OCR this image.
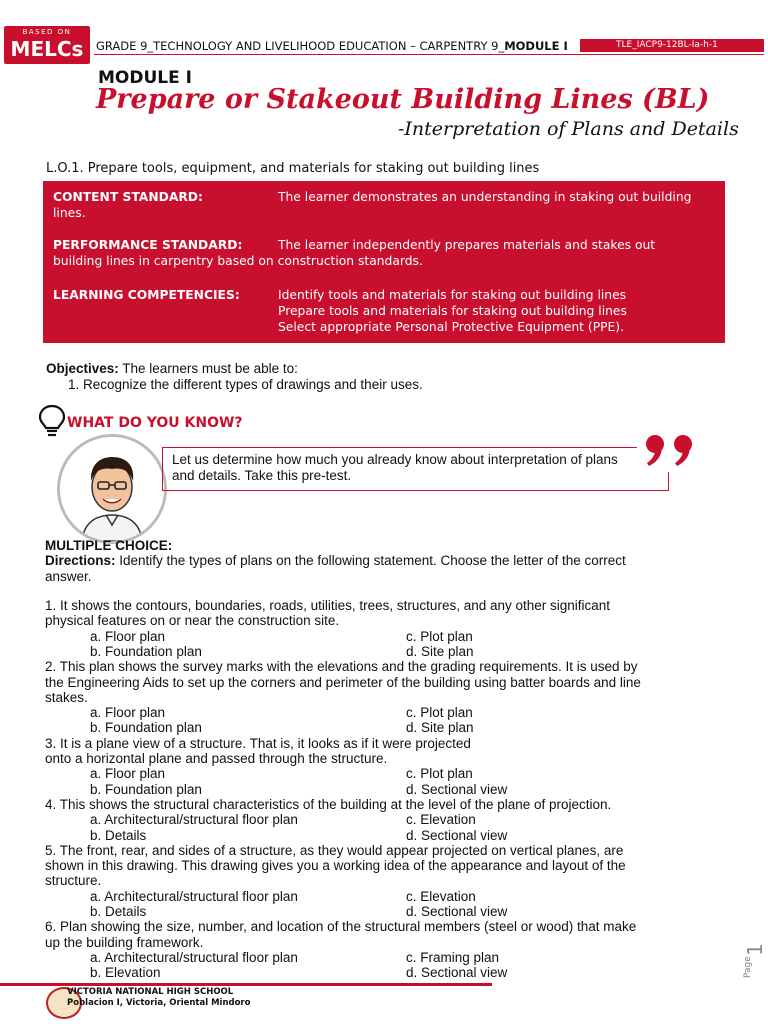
BASED ON
MELCs	GRADE 9_TECHNOLOGY AND LIVELIHOOD EDUCATION – CARPENTRY 9_MODULE I	TLE_IACP9-12BL-Ia-h-1
MODULE I
Prepare or Stakeout Building Lines (BL)
-Interpretation of Plans and Details
L.O.1. Prepare tools, equipment, and materials for staking out building lines
CONTENT STANDARD:	The learner demonstrates an understanding in staking out building
lines.
PERFORMANCE STANDARD:	The learner independently prepares materials and stakes out
building lines in carpentry based on construction standards.
LEARNING COMPETENCIES:	Identify tools and materials for staking out building lines
Prepare tools and materials for staking out building lines
Select appropriate Personal Protective Equipment (PPE).
Objectives: The learners must be able to:
1. Recognize the different types of drawings and their uses.
WHAT DO YOU KNOW?
Let us determine how much you already know about interpretation of plans and details. Take this pre-test.
MULTIPLE CHOICE:
Directions: Identify the types of plans on the following statement. Choose the letter of the correct
answer.
1. It shows the contours, boundaries, roads, utilities, trees, structures, and any other significant
physical features on or near the construction site.
a. Floor plan	c. Plot plan
b. Foundation plan	d. Site plan
2. This plan shows the survey marks with the elevations and the grading requirements. It is used by
the Engineering Aids to set up the corners and perimeter of the building using batter boards and line
stakes.
a. Floor plan	c. Plot plan
b. Foundation plan	d. Site plan
3. It is a plane view of a structure. That is, it looks as if it were projected
onto a horizontal plane and passed through the structure.
a. Floor plan	c. Plot plan
b. Foundation plan	d. Sectional view
4. This shows the structural characteristics of the building at the level of the plane of projection.
a. Architectural/structural floor plan	c. Elevation
b. Details	d. Sectional view
5. The front, rear, and sides of a structure, as they would appear projected on vertical planes, are
shown in this drawing. This drawing gives you a working idea of the appearance and layout of the
structure.
a. Architectural/structural floor plan	c. Elevation
b. Details	d. Sectional view
6. Plan showing the size, number, and location of the structural members (steel or wood) that make
up the building framework.
a. Architectural/structural floor plan	c. Framing plan
b. Elevation	d. Sectional view
VICTORIA NATIONAL HIGH SCHOOL
Poblacion I, Victoria, Oriental Mindoro
Page
1
